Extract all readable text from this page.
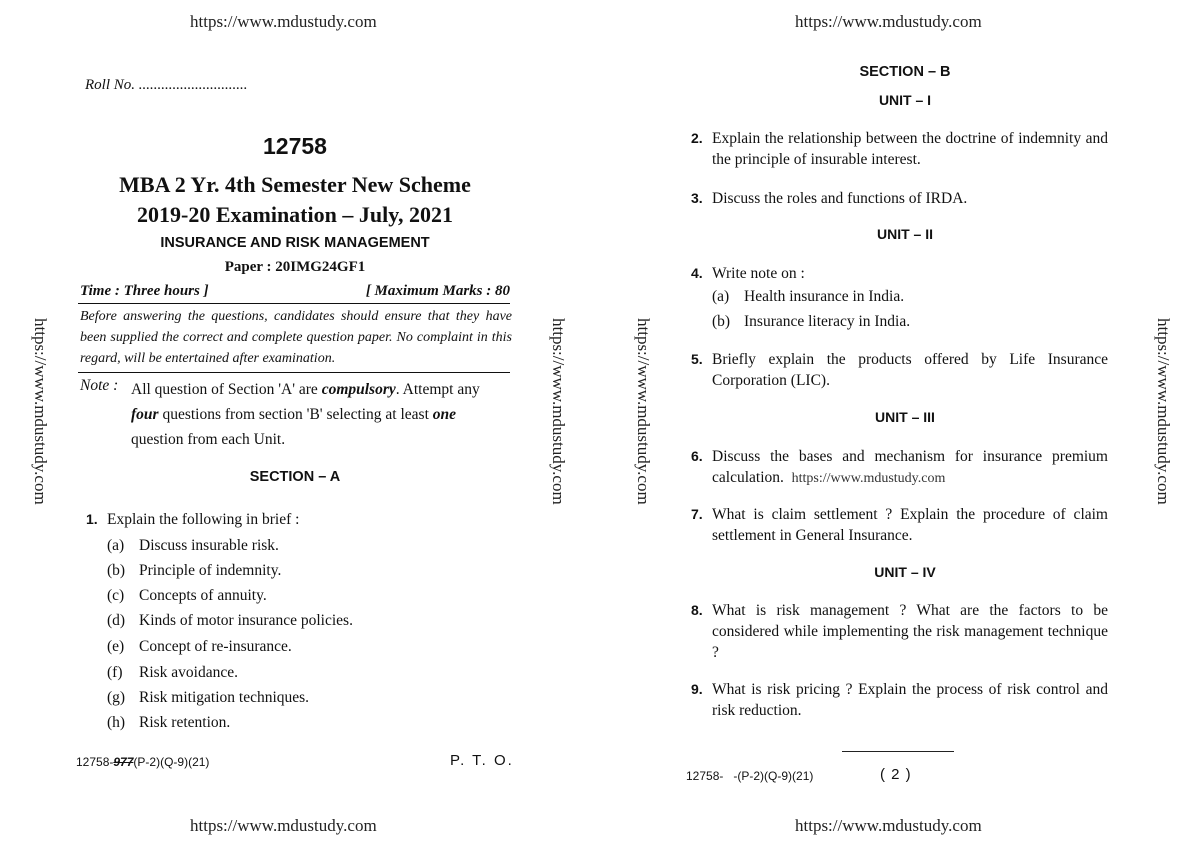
https://www.mdustudy.com	https://www.mdustudy.com
https://www.mdustudy.com	https://www.mdustudy.com
https://www.mdustudy.com	https://www.mdustudy.com	https://www.mdustudy.com	https://www.mdustudy.com
Roll No. .............................
12758
MBA 2 Yr. 4th Semester New Scheme
2019-20 Examination – July, 2021
INSURANCE AND RISK MANAGEMENT
Paper : 20IMG24GF1
Time : Three hours ]	[ Maximum Marks : 80
Before answering the questions, candidates should ensure that they have been supplied the correct and complete question paper. No complaint in this regard, will be entertained after examination.
Note : All question of Section 'A' are compulsory. Attempt any four questions from section 'B' selecting at least one question from each Unit.
SECTION – A
1. Explain the following in brief :
(a) Discuss insurable risk.
(b) Principle of indemnity.
(c) Concepts of annuity.
(d) Kinds of motor insurance policies.
(e) Concept of re-insurance.
(f) Risk avoidance.
(g) Risk mitigation techniques.
(h) Risk retention.
12758-977(P-2)(Q-9)(21)	P. T. O.
SECTION – B
UNIT – I
2. Explain the relationship between the doctrine of indemnity and the principle of insurable interest.
3. Discuss the roles and functions of IRDA.
UNIT – II
4. Write note on :
(a) Health insurance in India.
(b) Insurance literacy in India.
5. Briefly explain the products offered by Life Insurance Corporation (LIC).
UNIT – III
6. Discuss the bases and mechanism for insurance premium calculation. https://www.mdustudy.com
7. What is claim settlement ? Explain the procedure of claim settlement in General Insurance.
UNIT – IV
8. What is risk management ? What are the factors to be considered while implementing the risk management technique ?
9. What is risk pricing ? Explain the process of risk control and risk reduction.
12758- -(P-2)(Q-9)(21)	( 2 )
